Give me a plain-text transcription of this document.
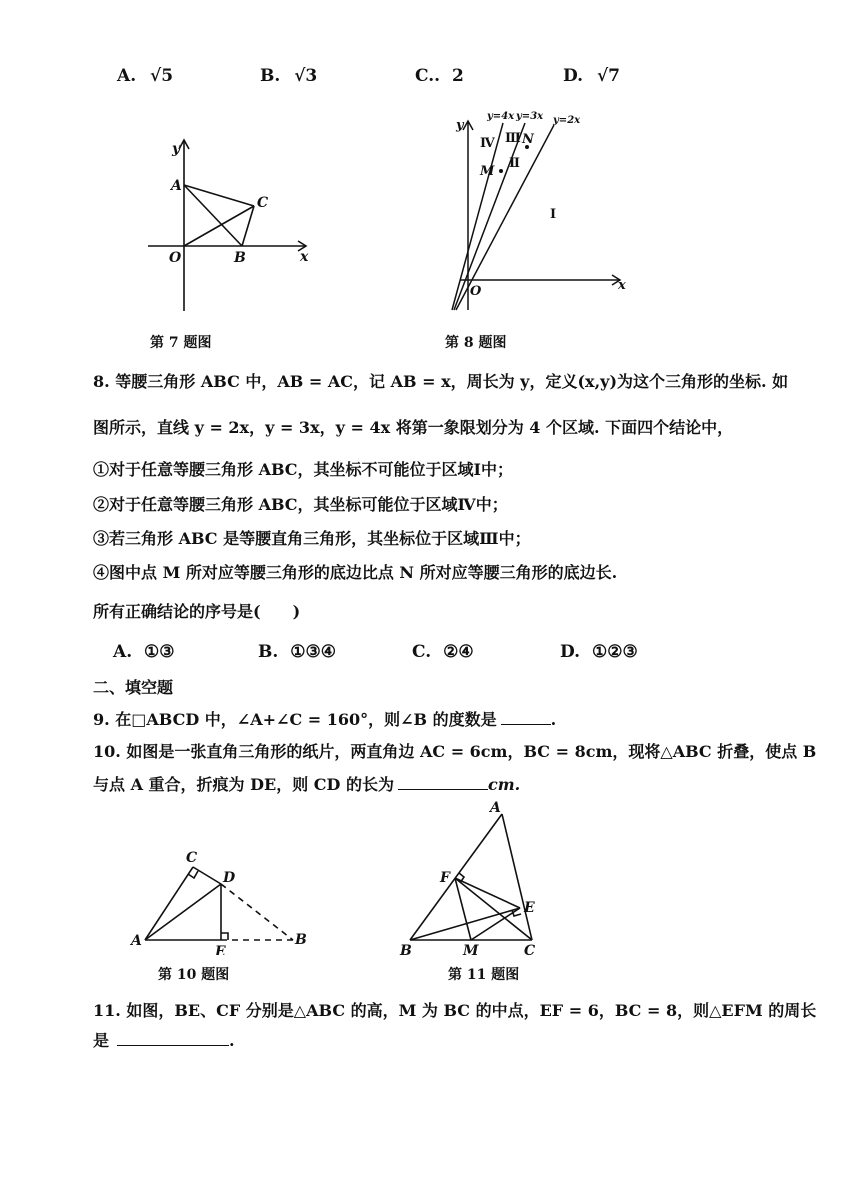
A. √5	B. √3	C.. 2	D. √7
y
x
A
C
O	B
第 7 题图
y
x
O
M
N
y=4x y=3x y=2x
Ⅳ Ⅲ
Ⅱ
Ⅰ
第 8 题图
8. 等腰三角形 ABC 中，AB = AC，记 AB = x，周长为 y，定义(x,y)为这个三角形的坐标. 如
图所示，直线 y = 2x，y = 3x，y = 4x 将第一象限划分为 4 个区域. 下面四个结论中，
①对于任意等腰三角形 ABC，其坐标不可能位于区域Ⅰ中；
②对于任意等腰三角形 ABC，其坐标可能位于区域Ⅳ中；
③若三角形 ABC 是等腰直角三角形，其坐标位于区域Ⅲ中；
④图中点 M 所对应等腰三角形的底边比点 N 所对应等腰三角形的底边长.
所有正确结论的序号是(　　)
A. ①③	B. ①③④	C. ②④	D. ①②③
二、填空题
9. 在□ABCD 中，∠A+∠C = 160°，则∠B 的度数是	.
10. 如图是一张直角三角形的纸片，两直角边 AC = 6cm，BC = 8cm，现将△ABC 折叠，使点 B
与点 A 重合，折痕为 DE，则 CD 的长为	cm.
C
D
A
E
B
第 10 题图
A
F
E
B	M	C
第 11 题图
11. 如图，BE、CF 分别是△ABC 的高，M 为 BC 的中点，EF = 6，BC = 8，则△EFM 的周长
是	.
